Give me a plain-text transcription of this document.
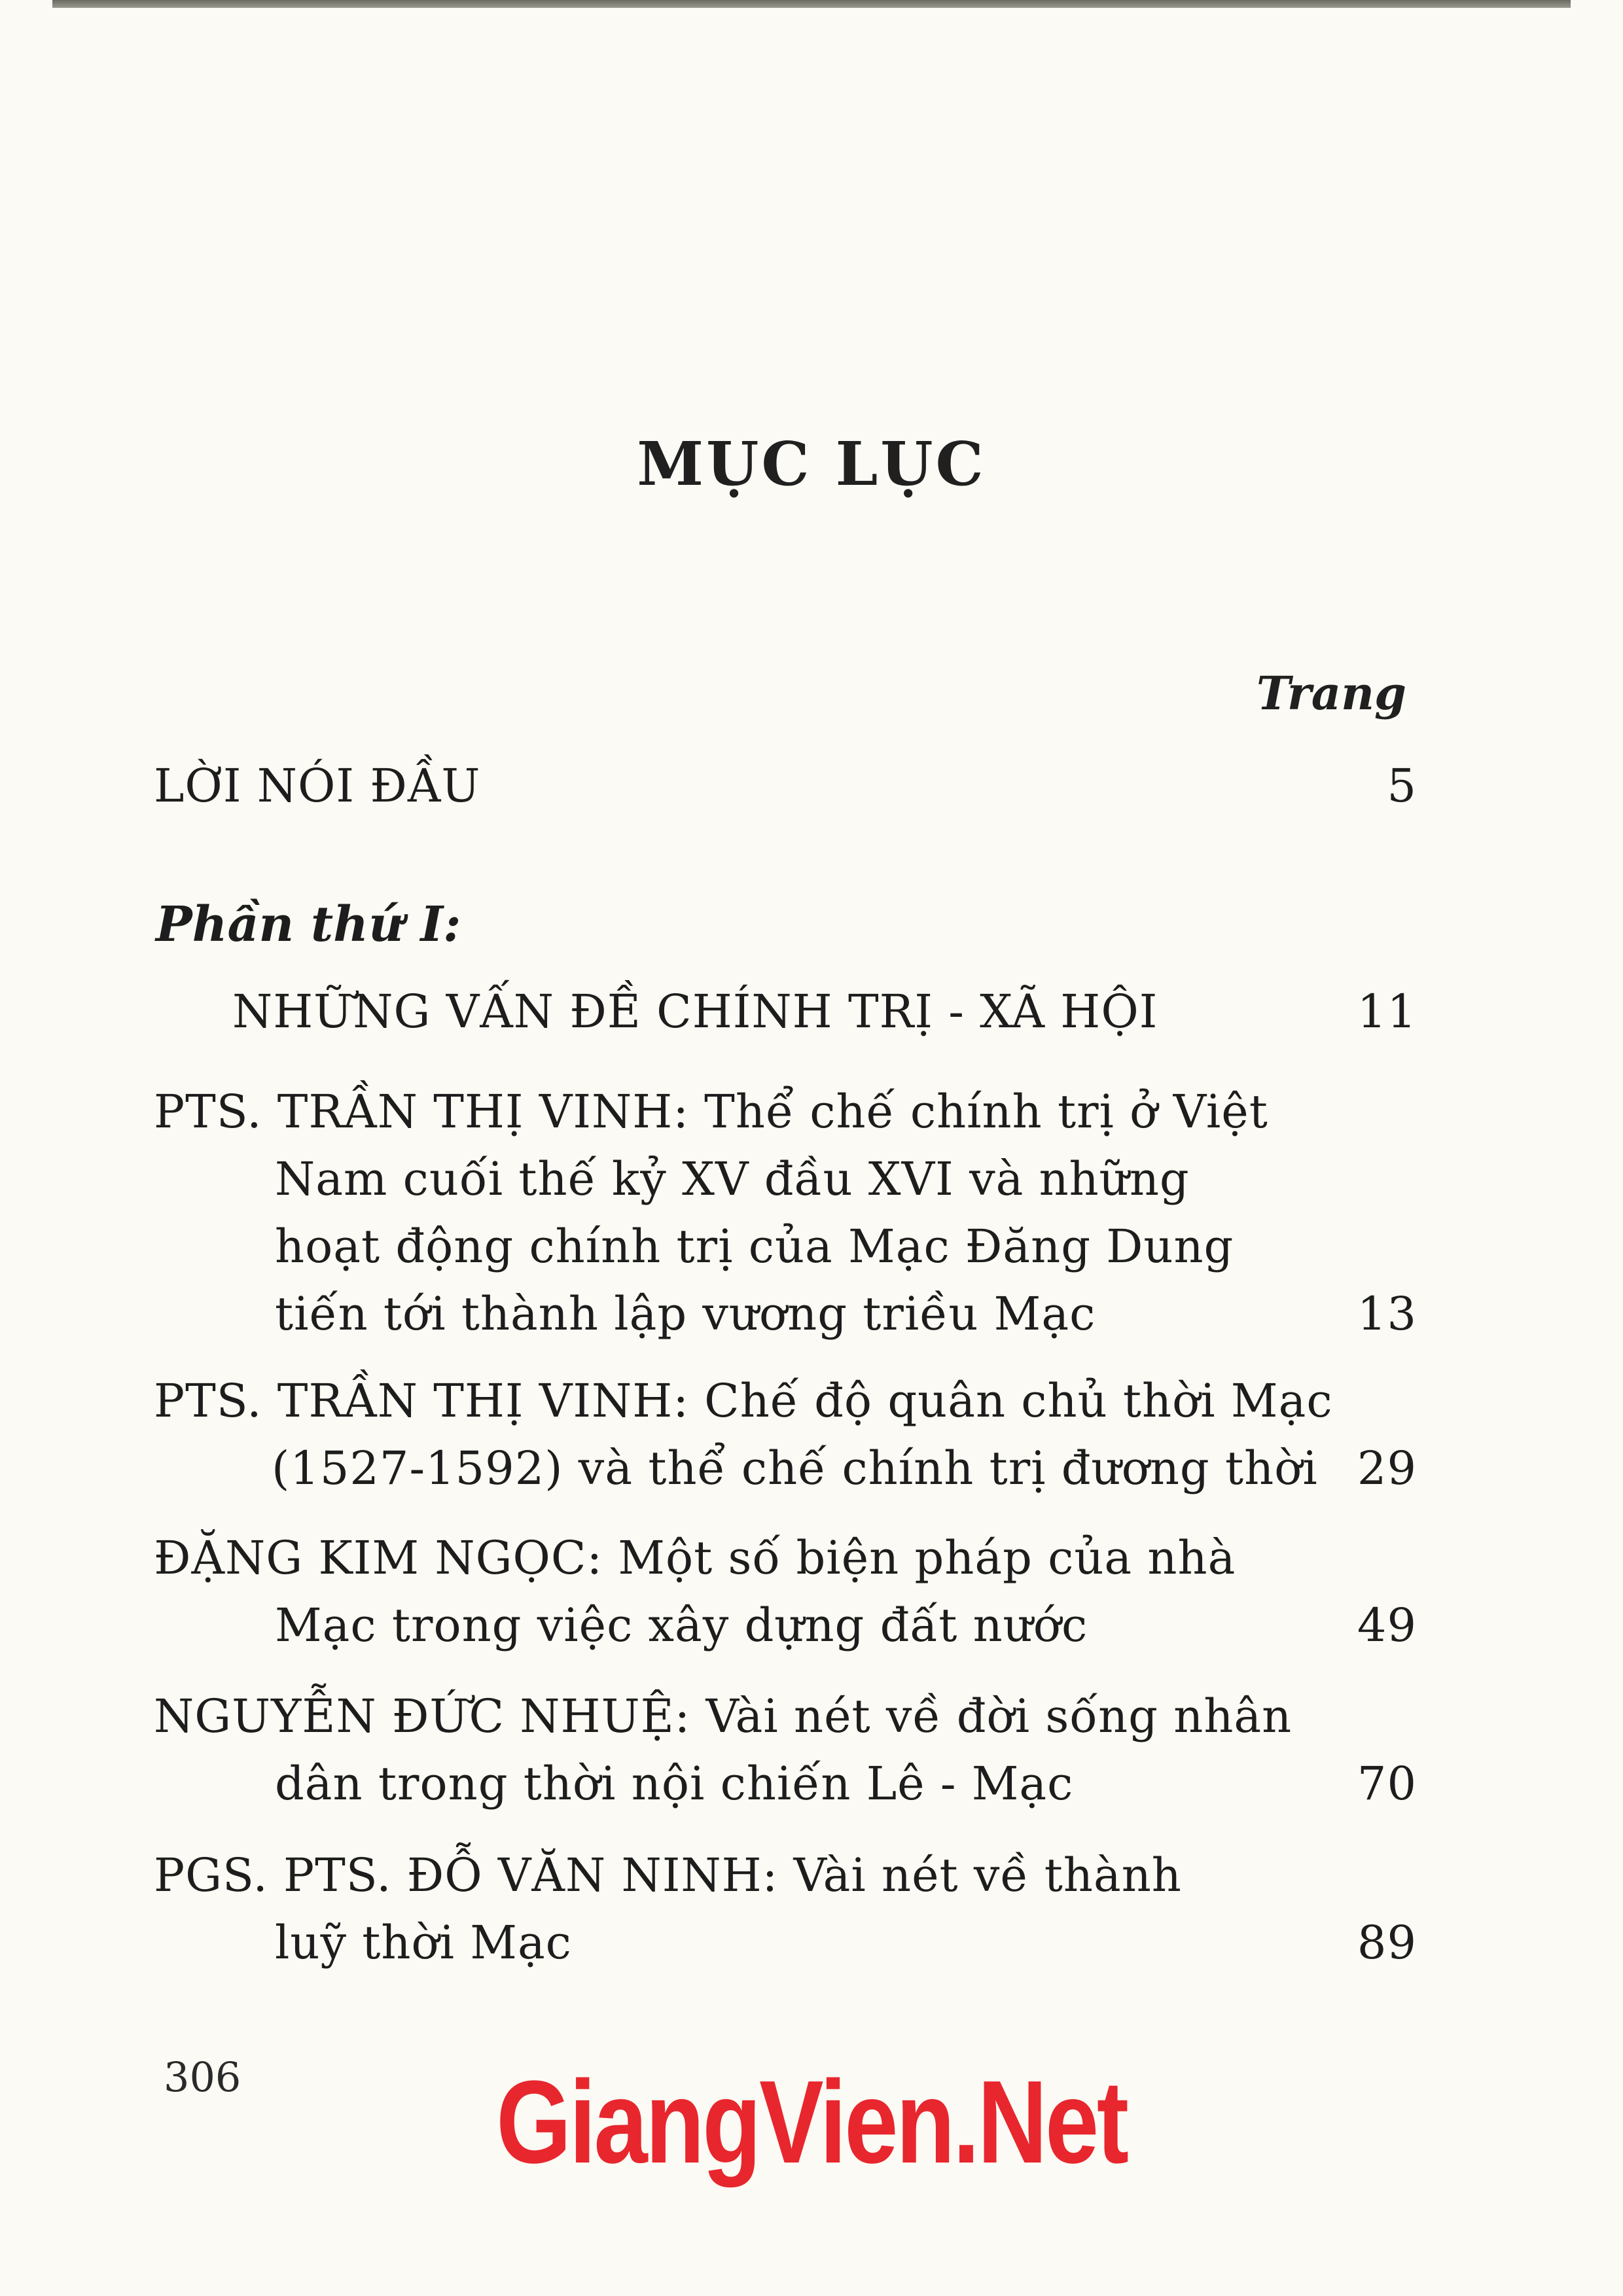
MỤC LỤC
Trang
LỜI NÓI ĐẦU	5
Phần thứ I:
NHỮNG VẤN ĐỀ CHÍNH TRỊ - XÃ HỘI	11
PTS. TRẦN THỊ VINH: Thể chế chính trị ở Việt
Nam cuối thế kỷ XV đầu XVI và những
hoạt động chính trị của Mạc Đăng Dung
tiến tới thành lập vương triều Mạc	13
PTS. TRẦN THỊ VINH: Chế độ quân chủ thời Mạc
(1527-1592) và thể chế chính trị đương thời 29
ĐẶNG KIM NGỌC: Một số biện pháp của nhà
Mạc trong việc xây dựng đất nước	49
NGUYỄN ĐỨC NHUỆ: Vài nét về đời sống nhân
dân trong thời nội chiến Lê - Mạc	70
PGS. PTS. ĐỖ VĂN NINH: Vài nét về thành
luỹ thời Mạc	89
306	GiangVien.Net
